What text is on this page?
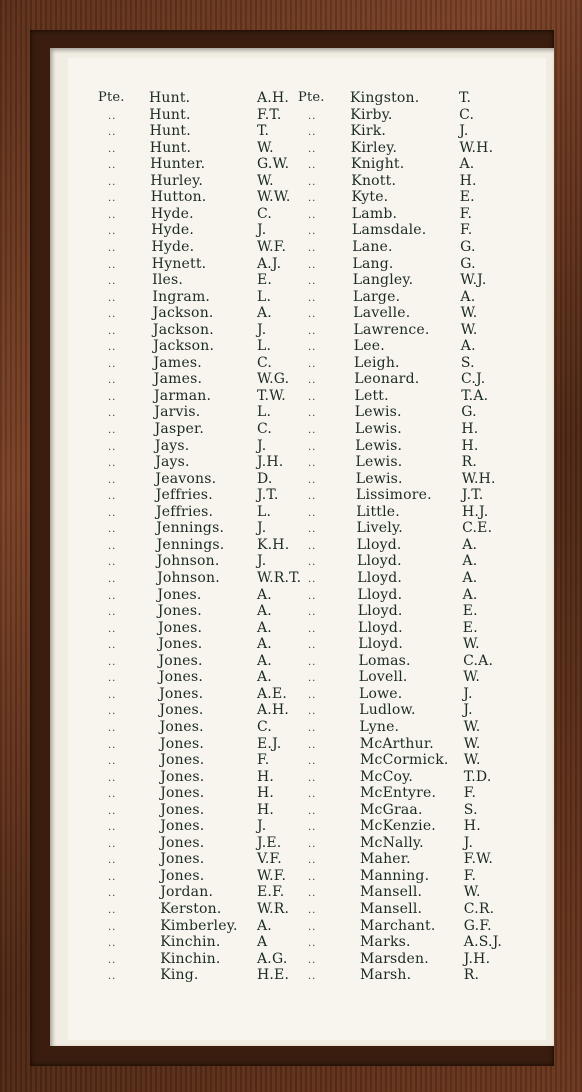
Pte. Hunt.	A.H. Pte. Kingston.	T.
.. Hunt.	F.T.	.. Kirby.	C.
.. Hunt.	T.	.. Kirk.	J.
.. Hunt.	W.	.. Kirley.	W.H.
.. Hunter.	G.W. .. Knight.	A.
.. Hurley.	W.	.. Knott.	H.
.. Hutton.	W.W. ..	Kyte.	E.
.. Hyde.	C.	..	Lamb.	F.
.. Hyde.	J.	..	Lamsdale. F.
..	Hyde.	W.F. ..	Lane.	G.
..	Hynett.	A.J.	..	Lang.	G.
..	Iles.	E.	..	Langley.	W.J.
..	Ingram.	L.	..	Large.	A.
..	Jackson.	A.	..	Lavelle.	W.
..	Jackson.	J.	..	Lawrence. W.
..	Jackson.	L.	..	Lee.	A.
..	James.	C.	..	Leigh.	S.
..	James.	W.G. ..	Leonard.	C.J.
..	Jarman.	T.W. ..	Lett.	T.A.
..	Jarvis.	L.	..	Lewis.	G.
..	Jasper.	C.	..	Lewis.	H.
..	Jays.	J.	..	Lewis.	H.
..	Jays.	J.H. ..	Lewis.	R.
..	Jeavons.	D.	..	Lewis.	W.H.
..	Jeffries.	J.T.	..	Lissimore. J.T.
..	Jeffries.	L.	..	Little.	H.J.
..	Jennings. J.	..	Lively.	C.E.
..	Jennings. K.H. ..	Lloyd.	A.
..	Johnson.	J.	..	Lloyd.	A.
..	Johnson.	W.R.T. ..	Lloyd.	A.
..	Jones.	A.	..	Lloyd.	A.
..	Jones.	A.	..	Lloyd.	E.
..	Jones.	A.	..	Lloyd.	E.
..	Jones.	A.	..	Lloyd.	W.
..	Jones.	A.	..	Lomas.	C.A.
..	Jones.	A.	..	Lovell.	W.
..	Jones.	A.E. ..	Lowe.	J.
..	Jones.	A.H. ..	Ludlow.	J.
..	Jones.	C.	..	Lyne.	W.
..	Jones.	E.J.	..	McArthur. W.
..	Jones.	F.	..	McCormick. W.
..	Jones.	H.	..	McCoy.	T.D.
..	Jones.	H.	..	McEntyre. F.
..	Jones.	H.	..	McGraa.	S.
..	Jones.	J.	..	McKenzie. H.
..	Jones.	J.E.	..	McNally.	J.
..	Jones.	V.F.	..	Maher.	F.W.
..	Jones.	W.F. ..	Manning. F.
..	Jordan.	E.F. ..	Mansell.	W.
..	Kerston.	W.R. ..	Mansell.	C.R.
..	Kimberley. A.	..	Marchant. G.F.
..	Kinchin.	A	..	Marks.	A.S.J.
..	Kinchin.	A.G. ..	Marsden. J.H.
..	King.	H.E. ..	Marsh.	R.
